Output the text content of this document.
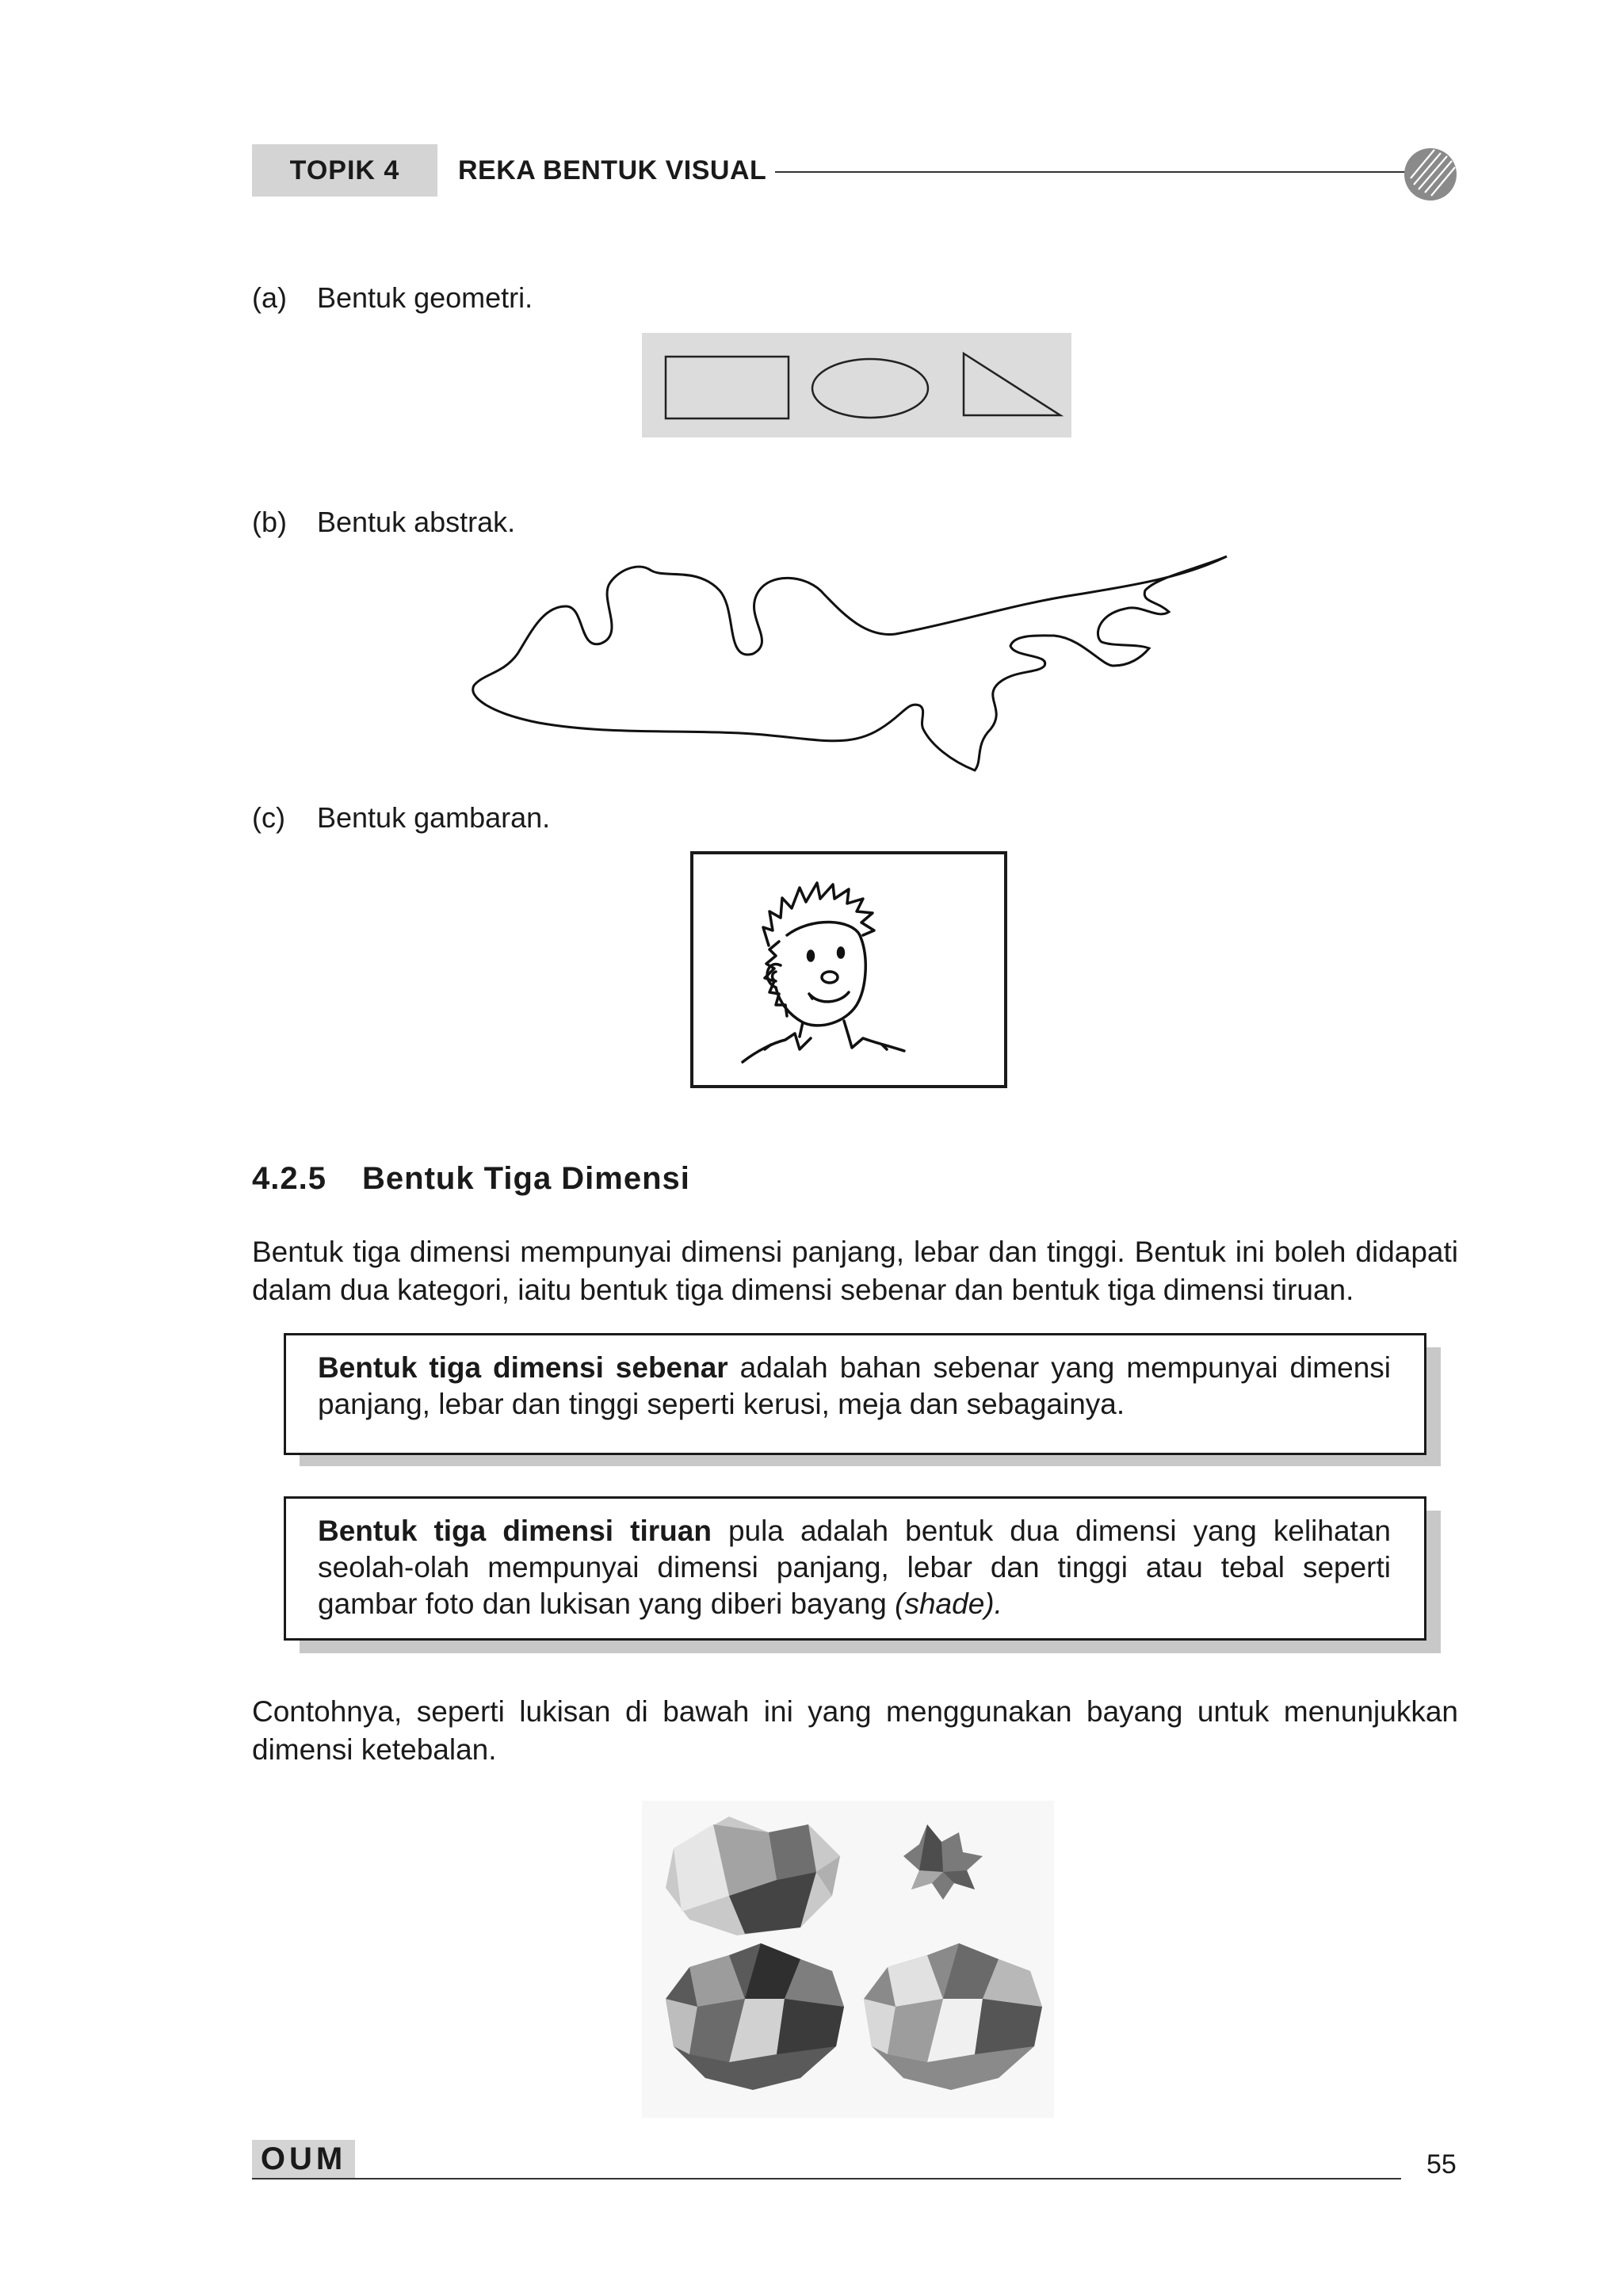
TOPIK 4	REKA BENTUK VISUAL
(a) Bentuk geometri.
(b) Bentuk abstrak.
(c) Bentuk gambaran.
4.2.5 Bentuk Tiga Dimensi
Bentuk tiga dimensi mempunyai dimensi panjang, lebar dan tinggi. Bentuk ini boleh didapati dalam dua kategori, iaitu bentuk tiga dimensi sebenar dan bentuk tiga dimensi tiruan.

Bentuk tiga dimensi sebenar adalah bahan sebenar yang mempunyai dimensi panjang, lebar dan tinggi seperti kerusi, meja dan sebagainya.

Bentuk tiga dimensi tiruan pula adalah bentuk dua dimensi yang kelihatan seolah-olah mempunyai dimensi panjang, lebar dan tinggi atau tebal seperti gambar foto dan lukisan yang diberi bayang (shade).

Contohnya, seperti lukisan di bawah ini yang menggunakan bayang untuk menunjukkan dimensi ketebalan.
OUM	55
